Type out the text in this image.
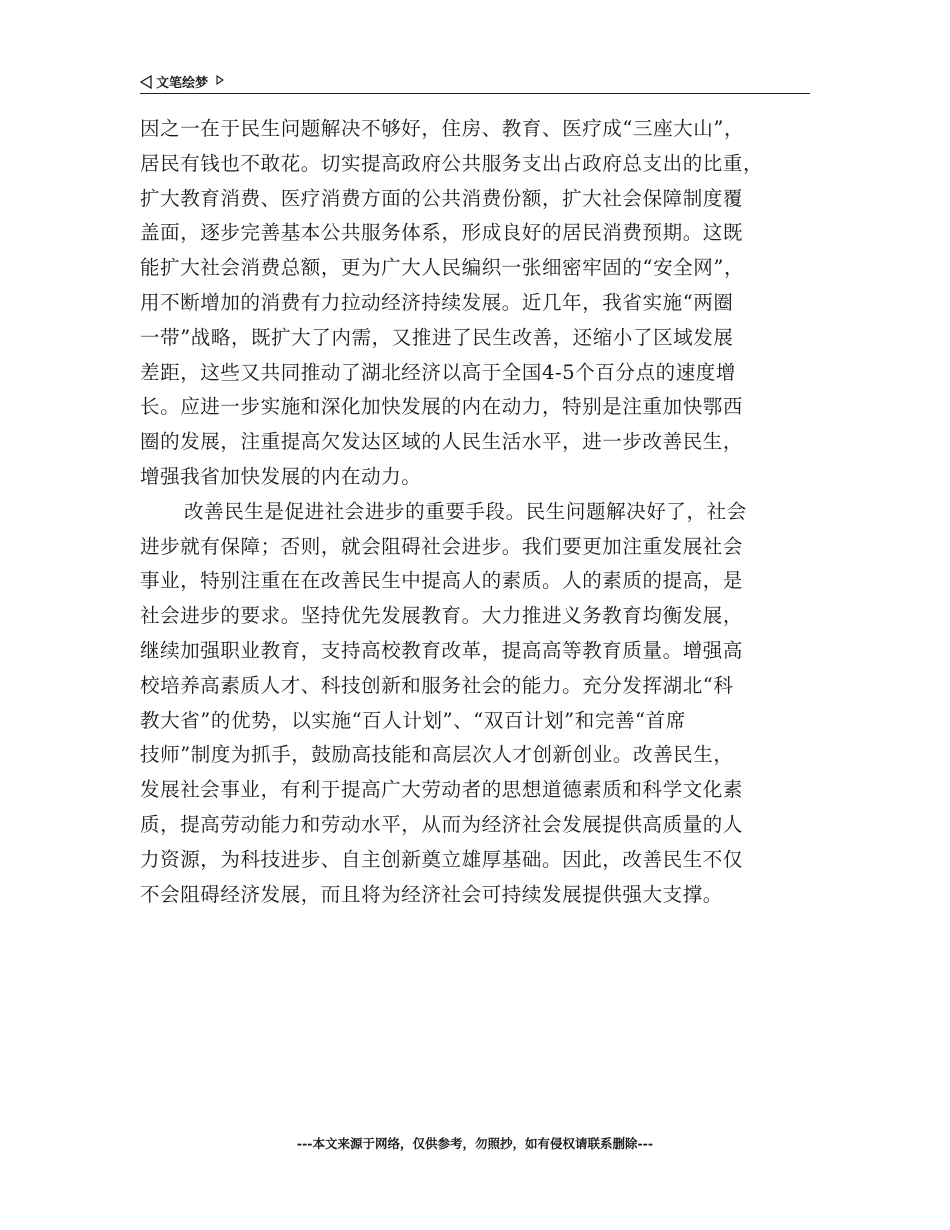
文笔绘梦
因之一在于民生问题解决不够好，住房、教育、医疗成“三座大山”，
居民有钱也不敢花。切实提高政府公共服务支出占政府总支出的比重，
扩大教育消费、医疗消费方面的公共消费份额，扩大社会保障制度覆
盖面，逐步完善基本公共服务体系，形成良好的居民消费预期。这既
能扩大社会消费总额，更为广大人民编织一张细密牢固的“安全网”，
用不断增加的消费有力拉动经济持续发展。近几年，我省实施“两圈
一带”战略，既扩大了内需，又推进了民生改善，还缩小了区域发展
差距，这些又共同推动了湖北经济以高于全国4-5个百分点的速度增
长。应进一步实施和深化加快发展的内在动力，特别是注重加快鄂西
圈的发展，注重提高欠发达区域的人民生活水平，进一步改善民生，
增强我省加快发展的内在动力。
改善民生是促进社会进步的重要手段。民生问题解决好了，社会
进步就有保障；否则，就会阻碍社会进步。我们要更加注重发展社会
事业，特别注重在在改善民生中提高人的素质。人的素质的提高，是
社会进步的要求。坚持优先发展教育。大力推进义务教育均衡发展，
继续加强职业教育，支持高校教育改革，提高高等教育质量。增强高
校培养高素质人才、科技创新和服务社会的能力。充分发挥湖北“科
教大省”的优势，以实施“百人计划”、“双百计划”和完善“首席
技师”制度为抓手，鼓励高技能和高层次人才创新创业。改善民生，
发展社会事业，有利于提高广大劳动者的思想道德素质和科学文化素
质，提高劳动能力和劳动水平，从而为经济社会发展提供高质量的人
力资源，为科技进步、自主创新奠立雄厚基础。因此，改善民生不仅
不会阻碍经济发展，而且将为经济社会可持续发展提供强大支撑。
---本文来源于网络，仅供参考，勿照抄，如有侵权请联系删除---
